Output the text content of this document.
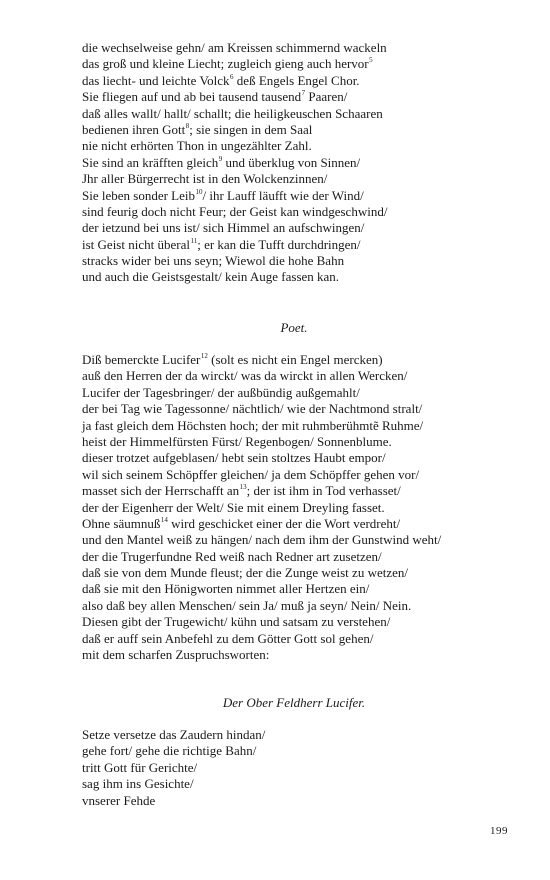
die wechselweise gehn/ am Kreissen schimmernd wackeln
das groß und kleine Liecht; zugleich gieng auch hervor$^5$
das liecht- und leichte Volck$^6$ deß Engels Engel Chor.
Sie fliegen auf und ab bei tausend tausend$^7$ Paaren/
daß alles wallt/ hallt/ schallt; die heiligkeuschen Schaaren
bedienen ihren Gott$^8$; sie singen in dem Saal
nie nicht erhörten Thon in ungezählter Zahl.
Sie sind an kräfften gleich$^9$ und überklug von Sinnen/
Jhr aller Bürgerrecht ist in den Wolckenzinnen/
Sie leben sonder Leib$^{10}$/ ihr Lauff läufft wie der Wind/
sind feurig doch nicht Feur; der Geist kan windgeschwind/
der ietzund bei uns ist/ sich Himmel an aufschwingen/
ist Geist nicht überal$^{11}$; er kan die Tufft durchdringen/
stracks wider bei uns seyn; Wiewol die hohe Bahn
und auch die Geistsgestalt/ kein Auge fassen kan.
Poet.
Diß bemerckte Lucifer$^{12}$ (solt es nicht ein Engel mercken)
auß den Herren der da wirckt/ was da wirckt in allen Wercken/
Lucifer der Tagesbringer/ der außbündig außgemahlt/
der bei Tag wie Tagessonne/ nächtlich/ wie der Nachtmond stralt/
ja fast gleich dem Höchsten hoch; der mit ruhmberühmtẽ Ruhme/
heist der Himmelfürsten Fürst/ Regenbogen/ Sonnenblume.
dieser trotzet aufgeblasen/ hebt sein stoltzes Haubt empor/
wil sich seinem Schöpffer gleichen/ ja dem Schöpffer gehen vor/
masset sich der Herrschafft $an^{13}$; der ist ihm in Tod verhasset/
der der Eigenherr der Welt/ Sie mit einem Dreyling fasset.
Ohne säumnuß$^{14}$ wird geschicket einer der die Wort verdreht/
und den Mantel weiß zu hängen/ nach dem ihm der Gunstwind weht/
der die Trugerfundne Red weiß nach Redner art zusetzen/
daß sie von dem Munde fleust; der die Zunge weist zu wetzen/
daß sie mit den Hönigworten nimmet aller Hertzen ein/
also daß bey allen Menschen/ sein Ja/ muß ja seyn/ Nein/ Nein.
Diesen gibt der Trugewicht/ kühn und satsam zu verstehen/
daß er auff sein Anbefehl zu dem Götter Gott sol gehen/
mit dem scharfen Zuspruchsworten:
Der Ober Feldherr Lucifer.
Setze versetze das Zaudern hindan/
gehe fort/ gehe die richtige Bahn/
tritt Gott für Gerichte/
sag ihm ins Gesichte/
vnserer Fehde
199
